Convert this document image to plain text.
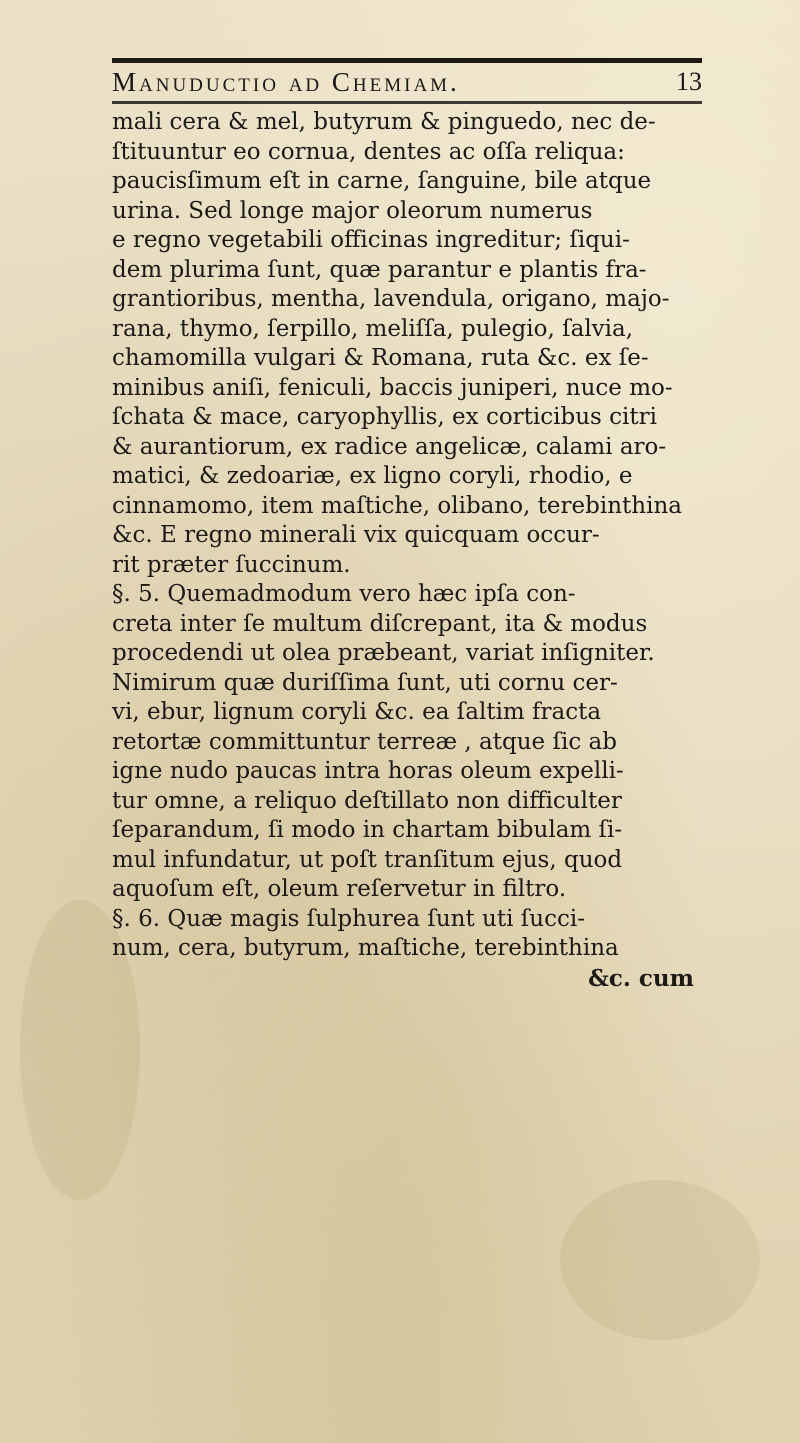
Manuductio ad Chemiam.	13
mali cera & mel, butyrum & pinguedo, nec de-
ſtituuntur eo cornua, dentes ac oſſa reliqua:
paucisſimum eſt in carne, ſanguine, bile atque
urina. Sed longe major oleorum numerus
e regno vegetabili officinas ingreditur; ſiqui-
dem plurima ſunt, quæ parantur e plantis fra-
grantioribus, mentha, lavendula, origano, majo-
rana, thymo, ſerpillo, meliſſa, pulegio, ſalvia,
chamomilla vulgari & Romana, ruta &c. ex ſe-
minibus aniſi, feniculi, baccis juniperi, nuce mo-
ſchata & mace, caryophyllis, ex corticibus citri
& aurantiorum, ex radice angelicæ, calami aro-
matici, & zedoariæ, ex ligno coryli, rhodio, e
cinnamomo, item maſtiche, olibano, terebinthina
&c. E regno minerali vix quicquam occur-
rit præter ſuccinum.
§. 5. Quemadmodum vero hæc ipſa con-
creta inter ſe multum diſcrepant, ita & modus
procedendi ut olea præbeant, variat inſigniter.
Nimirum quæ duriſſima ſunt, uti cornu cer-
vi, ebur, lignum coryli &c. ea ſaltim fracta
retortæ committuntur terreæ , atque ſic ab
igne nudo paucas intra horas oleum expelli-
tur omne, a reliquo deſtillato non difficulter
ſeparandum, ſi modo in chartam bibulam ſi-
mul infundatur, ut poſt tranſitum ejus, quod
aquoſum eſt, oleum reſervetur in filtro.
§. 6. Quæ magis ſulphurea ſunt uti ſucci-
num, cera, butyrum, maſtiche, terebinthina
&c. cum
